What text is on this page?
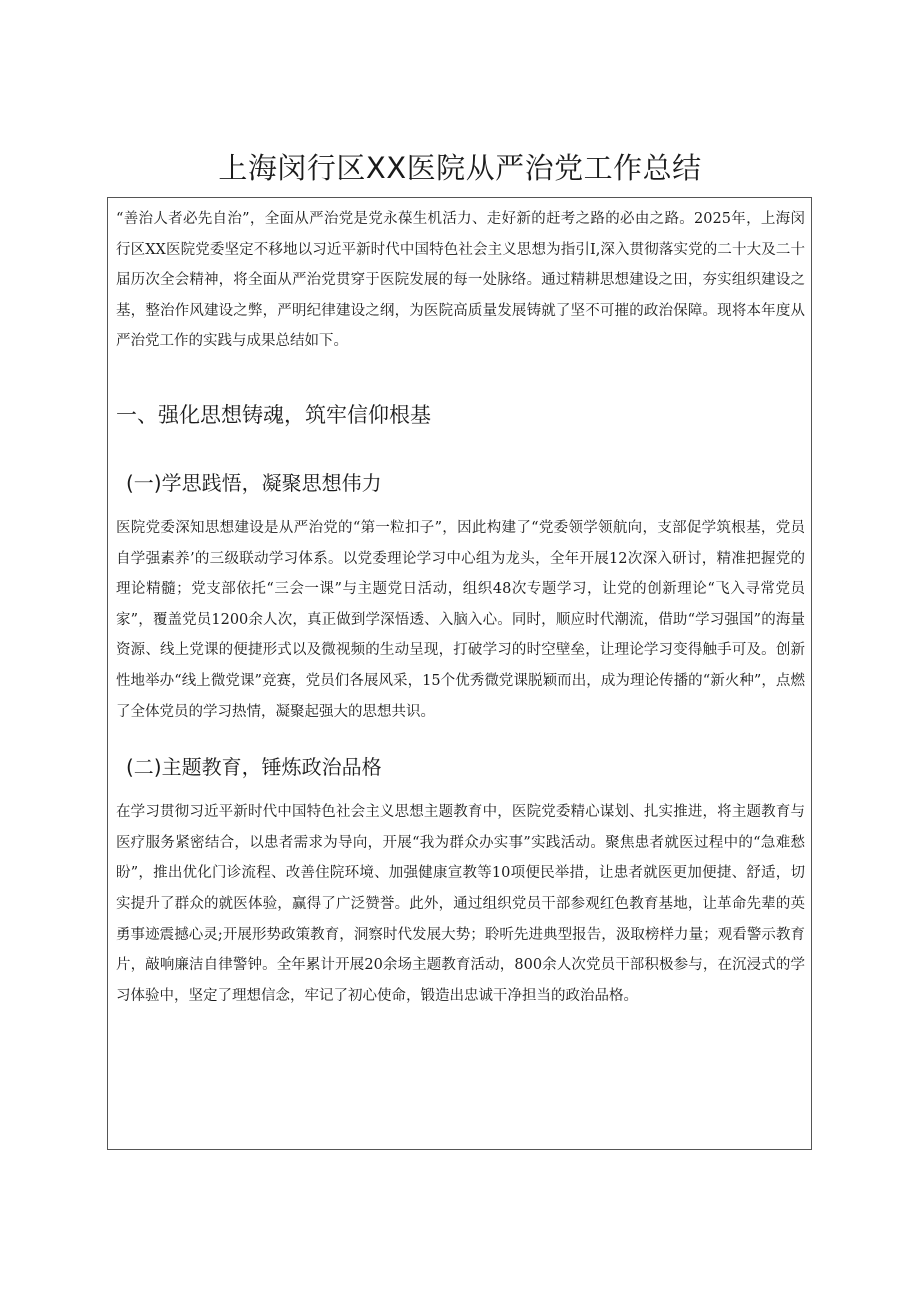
上海闵行区XX医院从严治党工作总结

“善治人者必先自治”，全面从严治党是党永葆生机活力、走好新的赶考之路的必由之路。2025年，上海闵行区XX医院党委坚定不移地以习近平新时代中国特色社会主义思想为指引I,深入贯彻落实党的二十大及二十届历次全会精神，将全面从严治党贯穿于医院发展的每一处脉络。通过精耕思想建设之田，夯实组织建设之基，整治作风建设之弊，严明纪律建设之纲，为医院高质量发展铸就了坚不可摧的政治保障。现将本年度从严治党工作的实践与成果总结如下。

一、强化思想铸魂，筑牢信仰根基
(一)学思践悟，凝聚思想伟力

医院党委深知思想建设是从严治党的“第一粒扣子”，因此构建了“党委领学领航向，支部促学筑根基，党员自学强素养’的三级联动学习体系。以党委理论学习中心组为龙头，全年开展12次深入研讨，精准把握党的理论精髓；党支部依托“三会一课”与主题党日活动，组织48次专题学习，让党的创新理论“飞入寻常党员家”，覆盖党员1200余人次，真正做到学深悟透、入脑入心。同时，顺应时代潮流，借助“学习强国”的海量资源、线上党课的便捷形式以及微视频的生动呈现，打破学习的时空壁垒，让理论学习变得触手可及。创新性地举办“线上微党课”竞赛，党员们各展风采，15个优秀微党课脱颖而出，成为理论传播的“新火种”，点燃了全体党员的学习热情，凝聚起强大的思想共识。

(二)主题教育，锤炼政治品格

在学习贯彻习近平新时代中国特色社会主义思想主题教育中，医院党委精心谋划、扎实推进，将主题教育与医疗服务紧密结合，以患者需求为导向，开展“我为群众办实事”实践活动。聚焦患者就医过程中的“急难愁盼”，推出优化门诊流程、改善住院环境、加强健康宣教等10项便民举措，让患者就医更加便捷、舒适，切实提升了群众的就医体验，赢得了广泛赞誉。此外，通过组织党员干部参观红色教育基地，让革命先辈的英勇事迹震撼心灵;开展形势政策教育，洞察时代发展大势；聆听先进典型报告，汲取榜样力量；观看警示教育片，敲响廉洁自律警钟。全年累计开展20余场主题教育活动，800余人次党员干部积极参与，在沉浸式的学习体验中，坚定了理想信念，牢记了初心使命，锻造出忠诚干净担当的政治品格。
